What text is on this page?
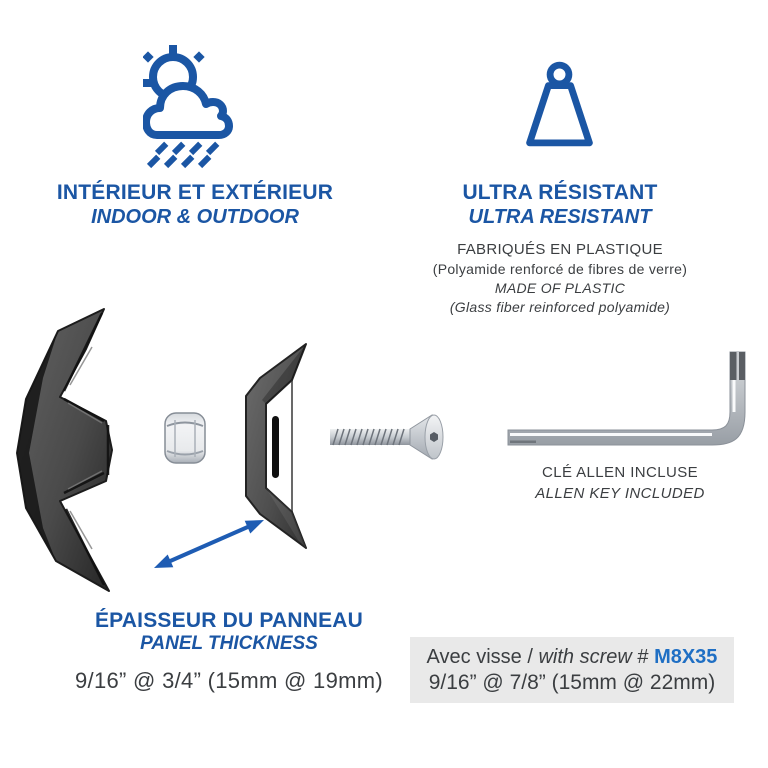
INTÉRIEUR ET EXTÉRIEUR
INDOOR & OUTDOOR
ULTRA RÉSISTANT
ULTRA RESISTANT
FABRIQUÉS EN PLASTIQUE
(Polyamide renforcé de fibres de verre)
MADE OF PLASTIC
(Glass fiber reinforced polyamide)
CLÉ ALLEN INCLUSE
ALLEN KEY INCLUDED
ÉPAISSEUR DU PANNEAU
PANEL THICKNESS
9/16” @ 3/4” (15mm @ 19mm)
Avec visse / with screw # M8X35
9/16” @ 7/8” (15mm @ 22mm)
